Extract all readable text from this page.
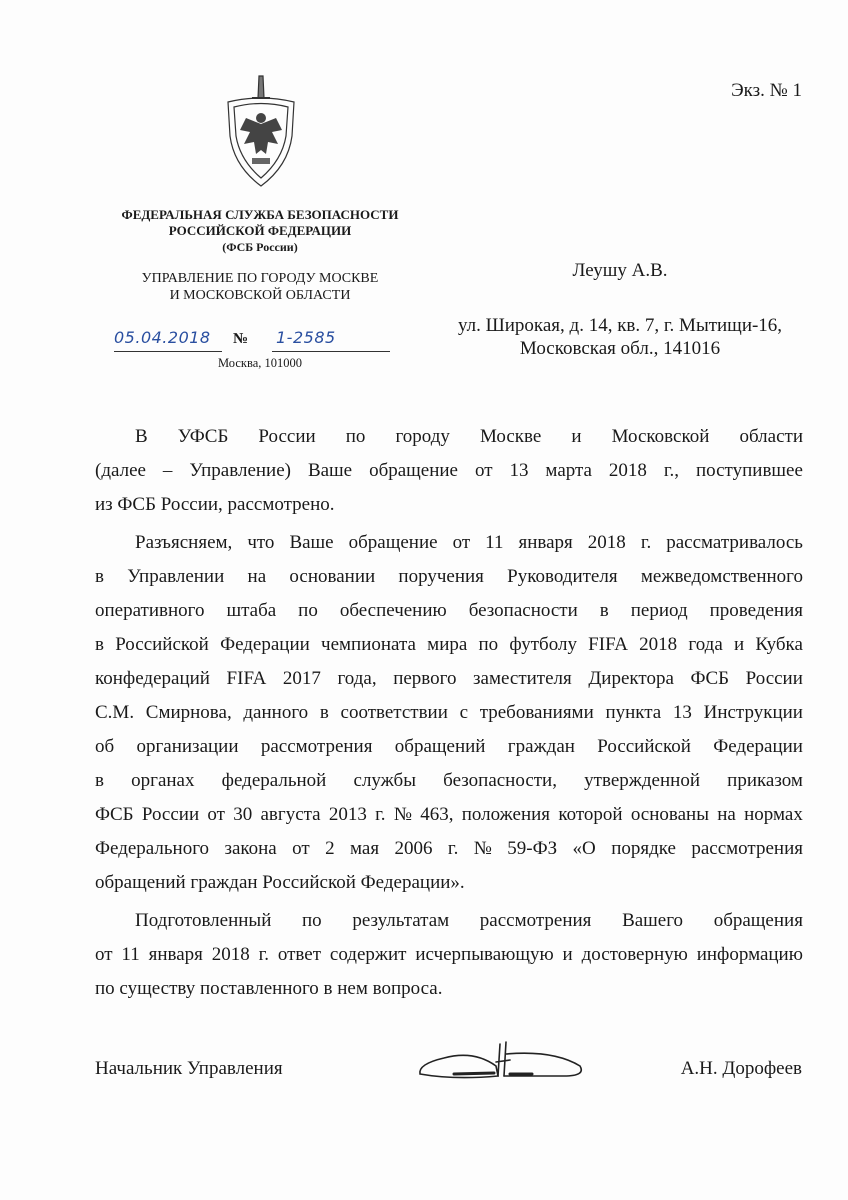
Экз. № 1
ФЕДЕРАЛЬНАЯ СЛУЖБА БЕЗОПАСНОСТИ
РОССИЙСКОЙ ФЕДЕРАЦИИ
(ФСБ России)
УПРАВЛЕНИЕ ПО ГОРОДУ МОСКВЕ
И МОСКОВСКОЙ ОБЛАСТИ
05.04.2018	№ 1-2585
Москва, 101000
Леушу А.В.
ул. Широкая, д. 14, кв. 7, г. Мытищи-16,
Московская обл., 141016
В УФСБ России по городу Москве и Московской области
(далее – Управление) Ваше обращение от 13 марта 2018 г., поступившее
из ФСБ России, рассмотрено.
Разъясняем, что Ваше обращение от 11 января 2018 г. рассматривалось
в Управлении на основании поручения Руководителя межведомственного
оперативного штаба по обеспечению безопасности в период проведения
в Российской Федерации чемпионата мира по футболу FIFA 2018 года и Кубка
конфедераций FIFA 2017 года, первого заместителя Директора ФСБ России
С.М. Смирнова, данного в соответствии с требованиями пункта 13 Инструкции
об организации рассмотрения обращений граждан Российской Федерации
в органах федеральной службы безопасности, утвержденной приказом
ФСБ России от 30 августа 2013 г. № 463, положения которой основаны на нормах
Федерального закона от 2 мая 2006 г. № 59-ФЗ «О порядке рассмотрения
обращений граждан Российской Федерации».
Подготовленный по результатам рассмотрения Вашего обращения
от 11 января 2018 г. ответ содержит исчерпывающую и достоверную информацию
по существу поставленного в нем вопроса.
Начальник Управления	А.Н. Дорофеев
